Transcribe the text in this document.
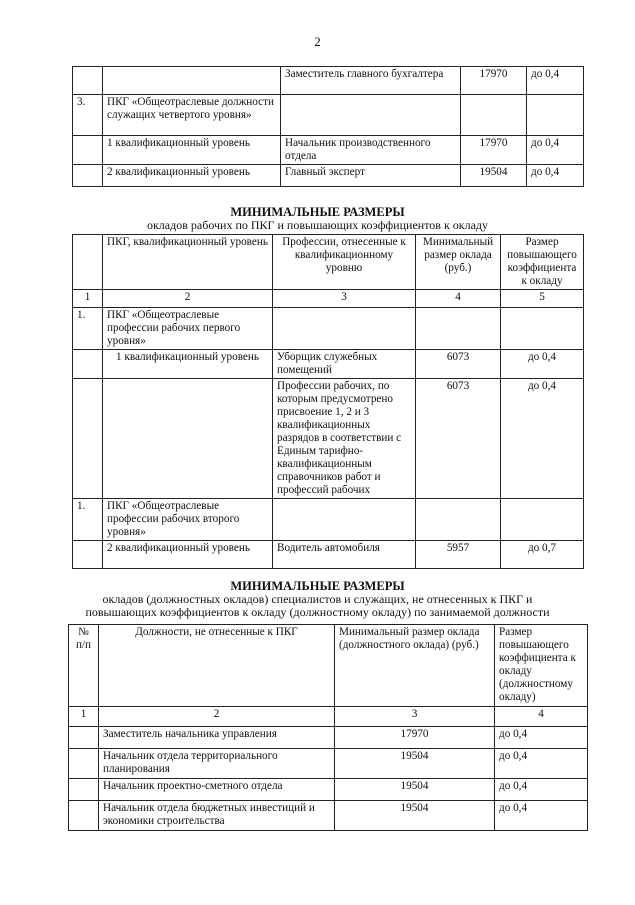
2
		Заместитель главного бухгалтера	17970	до 0,4
3.	ПКГ «Общеотраслевые должности служащих четвертого уровня»			
	1 квалификационный уровень	Начальник производственного отдела	17970	до 0,4
	2 квалификационный уровень	Главный эксперт	19504	до 0,4
МИНИМАЛЬНЫЕ РАЗМЕРЫ
окладов рабочих по ПКГ и повышающих коэффициентов к окладу
	ПКГ, квалификационный уровень	Профессии, отнесенные к квалификационному уровню	Минимальный размер оклада (руб.)	Размер повышающего коэффициента к окладу
1	2	3	4	5
1.	ПКГ «Общеотраслевые профессии рабочих первого уровня»			
	1 квалификационный уровень	Уборщик служебных помещений	6073	до 0,4
		Профессии рабочих, по которым предусмотрено присвоение 1, 2 и 3 квалификационных разрядов в соответствии с Единым тарифно-квалификационным справочников работ и профессий рабочих	6073	до 0,4
1.	ПКГ «Общеотраслевые профессии рабочих второго уровня»			
	2 квалификационный уровень	Водитель автомобиля	5957	до 0,7
МИНИМАЛЬНЫЕ РАЗМЕРЫ
окладов (должностных окладов) специалистов и служащих, не отнесенных к ПКГ и
повышающих коэффициентов к окладу (должностному окладу) по занимаемой должности
№ п/п	Должности, не отнесенные к ПКГ	Минимальный размер оклада (должностного оклада) (руб.)	Размер повышающего коэффициента к окладу (должностному окладу)
1	2	3	4
	Заместитель начальника управления	17970	до 0,4
	Начальник отдела территориального планирования	19504	до 0,4
	Начальник проектно-сметного отдела	19504	до 0,4
	Начальник отдела бюджетных инвестиций и экономики строительства	19504	до 0,4
